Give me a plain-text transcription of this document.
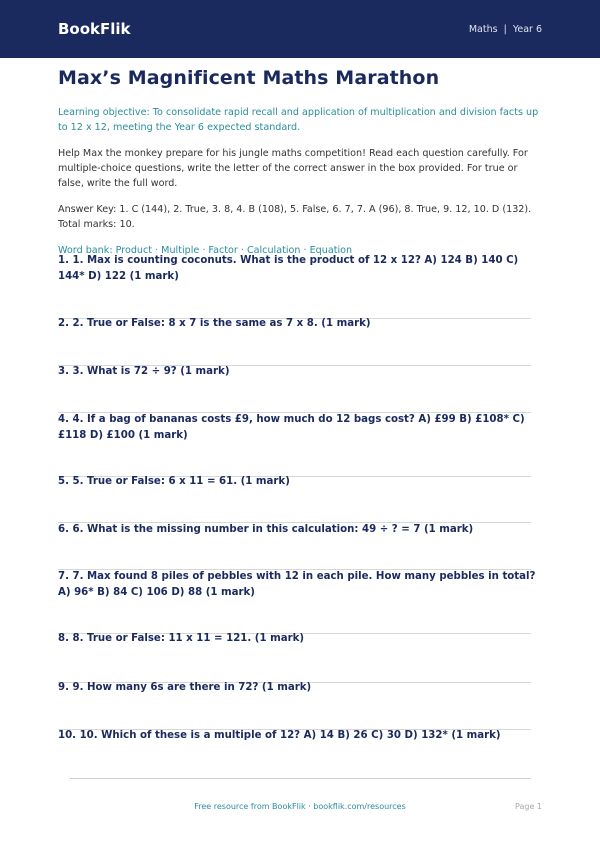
BookFlik	Maths  |  Year 6
Max’s Magnificent Maths Marathon
Learning objective: To consolidate rapid recall and application of multiplication and division facts up to 12 x 12, meeting the Year 6 expected standard.
Help Max the monkey prepare for his jungle maths competition! Read each question carefully. For multiple-choice questions, write the letter of the correct answer in the box provided. For true or false, write the full word.
Answer Key: 1. C (144), 2. True, 3. 8, 4. B (108), 5. False, 6. 7, 7. A (96), 8. True, 9. 12, 10. D (132). Total marks: 10.
Word bank: Product · Multiple · Factor · Calculation · Equation
1. 1. Max is counting coconuts. What is the product of 12 x 12? A) 124 B) 140 C) 144* D) 122 (1 mark)
2. 2. True or False: 8 x 7 is the same as 7 x 8. (1 mark)
3. 3. What is 72 ÷ 9? (1 mark)
4. 4. If a bag of bananas costs £9, how much do 12 bags cost? A) £99 B) £108* C) £118 D) £100 (1 mark)
5. 5. True or False: 6 x 11 = 61. (1 mark)
6. 6. What is the missing number in this calculation: 49 ÷ ? = 7 (1 mark)
7. 7. Max found 8 piles of pebbles with 12 in each pile. How many pebbles in total? A) 96* B) 84 C) 106 D) 88 (1 mark)
8. 8. True or False: 11 x 11 = 121. (1 mark)
9. 9. How many 6s are there in 72? (1 mark)
10. 10. Which of these is a multiple of 12? A) 14 B) 26 C) 30 D) 132* (1 mark)
Free resource from BookFlik · bookflik.com/resources	Page 1
